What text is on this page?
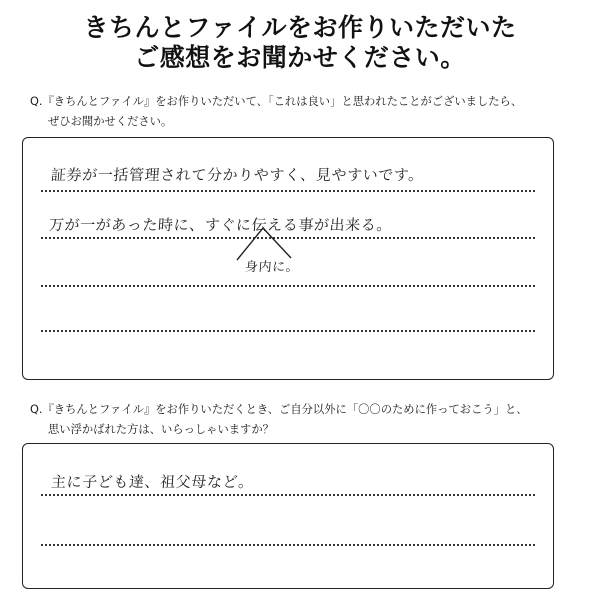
きちんとファイルをお作りいただいた
ご感想をお聞かせください。
Q.『きちんとファイル』をお作りいただいて、「これは良い」と思われたことがございましたら、
ぜひお聞かせください。
証券が一括管理されて分かりやすく、見やすいです。
万が一があった時に、すぐに伝える事が出来る。
身内に。
Q.『きちんとファイル』をお作りいただくとき、ご自分以外に「〇〇のために作っておこう」と、
思い浮かばれた方は、いらっしゃいますか？
主に子ども達、祖父母など。
